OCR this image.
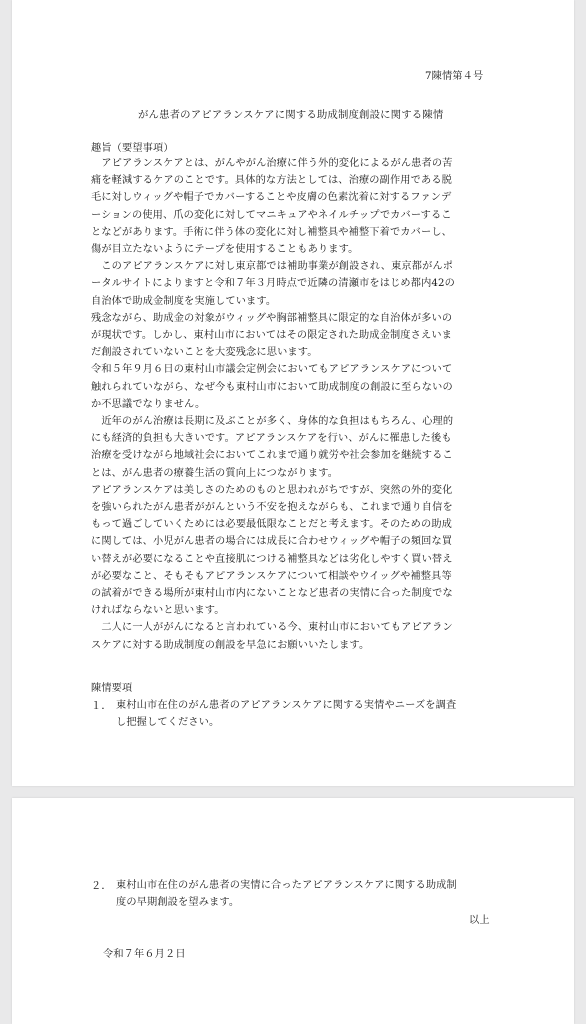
7陳情第４号
がん患者のアピアランスケアに関する助成制度創設に関する陳情
趣旨（要望事項）
　アピアランスケアとは、がんやがん治療に伴う外的変化によるがん患者の苦
痛を軽減するケアのことです。具体的な方法としては、治療の副作用である脱
毛に対しウィッグや帽子でカバーすることや皮膚の色素沈着に対するファンデ
ーションの使用、爪の変化に対してマニキュアやネイルチップでカバーするこ
となどがあります。手術に伴う体の変化に対し補整具や補整下着でカバーし、
傷が目立たないようにテープを使用することもあります。
　このアピアランスケアに対し東京都では補助事業が創設され、東京都がんポ
ータルサイトによりますと令和７年３月時点で近隣の清瀬市をはじめ都内42の
自治体で助成金制度を実施しています。
残念ながら、助成金の対象がウィッグや胸部補整具に限定的な自治体が多いの
が現状です。しかし、東村山市においてはその限定された助成金制度さえいま
だ創設されていないことを大変残念に思います。
令和５年９月６日の東村山市議会定例会においてもアピアランスケアについて
触れられていながら、なぜ今も東村山市において助成制度の創設に至らないの
か不思議でなりません。
　近年のがん治療は長期に及ぶことが多く、身体的な負担はもちろん、心理的
にも経済的負担も大きいです。アピアランスケアを行い、がんに罹患した後も
治療を受けながら地域社会においてこれまで通り就労や社会参加を継続するこ
とは、がん患者の療養生活の質向上につながります。
アピアランスケアは美しさのためのものと思われがちですが、突然の外的変化
を強いられたがん患者ががんという不安を抱えながらも、これまで通り自信を
もって過ごしていくためには必要最低限なことだと考えます。そのための助成
に関しては、小児がん患者の場合には成長に合わせウィッグや帽子の頻回な買
い替えが必要になることや直接肌につける補整具などは劣化しやすく買い替え
が必要なこと、そもそもアピアランスケアについて相談やウイッグや補整具等
の試着ができる場所が東村山市内にないことなど患者の実情に合った制度でな
ければならないと思います。
　二人に一人ががんになると言われている今、東村山市においてもアピアラン
スケアに対する助成制度の創設を早急にお願いいたします。
陳情要項
１． 東村山市在住のがん患者のアピアランスケアに関する実情やニーズを調査
し把握してください。
２． 東村山市在住のがん患者の実情に合ったアピアランスケアに関する助成制
度の早期創設を望みます。
以上
令和７年６月２日
